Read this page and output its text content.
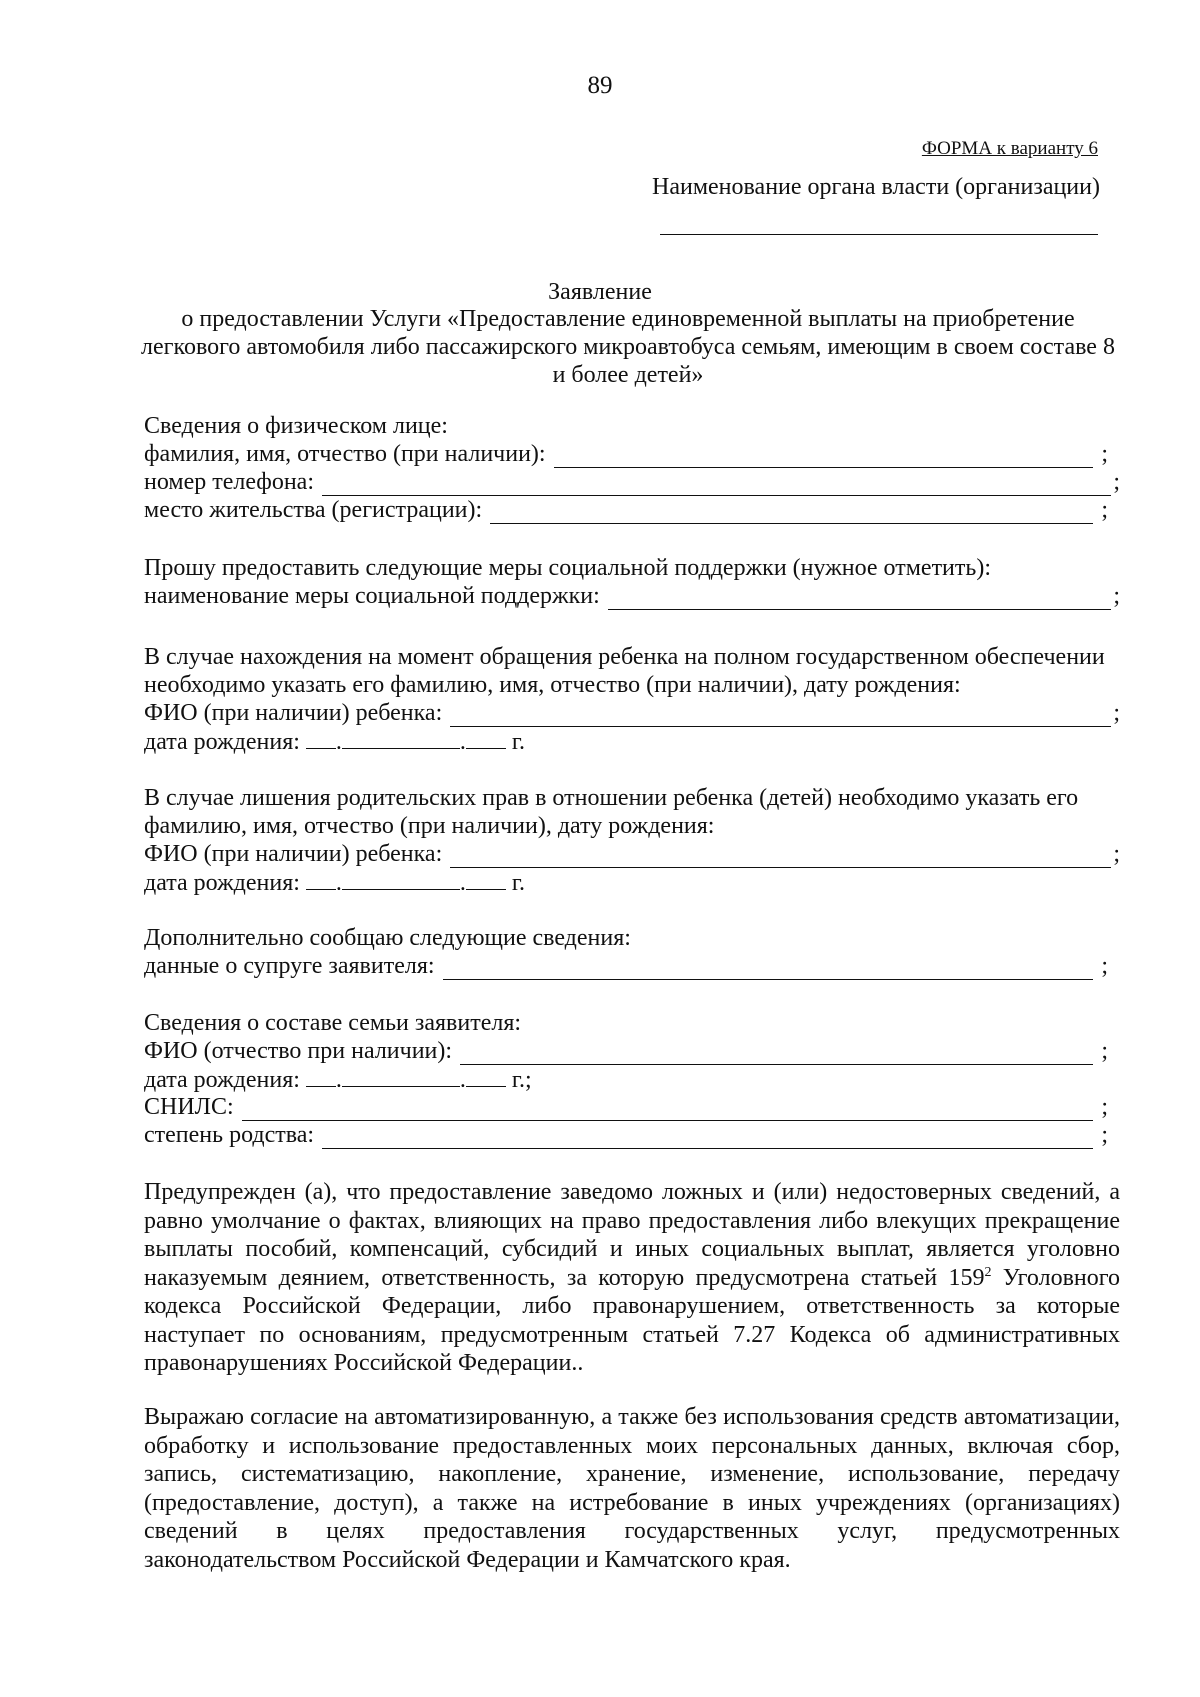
89
ФОРМА к варианту 6
Наименование органа власти (организации)
Заявление
о предоставлении Услуги «Предоставление единовременной выплаты на приобретение легкового автомобиля либо пассажирского микроавтобуса семьям, имеющим в своем составе 8 и более детей»
Сведения о физическом лице:
фамилия, имя, отчество (при наличии):	;
номер телефона:	;
место жительства (регистрации):	;
Прошу предоставить следующие меры социальной поддержки (нужное отметить):
наименование меры социальной поддержки:	;
В случае нахождения на момент обращения ребенка на полном государственном обеспечении
необходимо указать его фамилию, имя, отчество (при наличии), дату рождения:
ФИО (при наличии) ребенка:	;
дата рождения: .	. г.
В случае лишения родительских прав в отношении ребенка (детей) необходимо указать его
фамилию, имя, отчество (при наличии), дату рождения:
ФИО (при наличии) ребенка:	;
дата рождения: .	. г.
Дополнительно сообщаю следующие сведения:
данные о супруге заявителя:	;
Сведения о составе семьи заявителя:
ФИО (отчество при наличии):	;
дата рождения: .	. г.;
СНИЛС:	;
степень родства:	;
Предупрежден (а), что предоставление заведомо ложных и (или) недостоверных сведений, а равно умолчание о фактах, влияющих на право предоставления либо влекущих прекращение выплаты пособий, компенсаций, субсидий и иных социальных выплат, является уголовно наказуемым деянием, ответственность, за которую предусмотрена статьей $159^2$ Уголовного кодекса Российской Федерации, либо правонарушением, ответственность за которые наступает по основаниям, предусмотренным статьей 7.27 Кодекса об административных правонарушениях Российской Федерации..
Выражаю согласие на автоматизированную, а также без использования средств автоматизации, обработку и использование предоставленных моих персональных данных, включая сбор, запись, систематизацию, накопление, хранение, изменение, использование, передачу (предоставление, доступ), а также на истребование в иных учреждениях (организациях) сведений в целях предоставления государственных услуг, предусмотренных законодательством Российской Федерации и Камчатского края.
